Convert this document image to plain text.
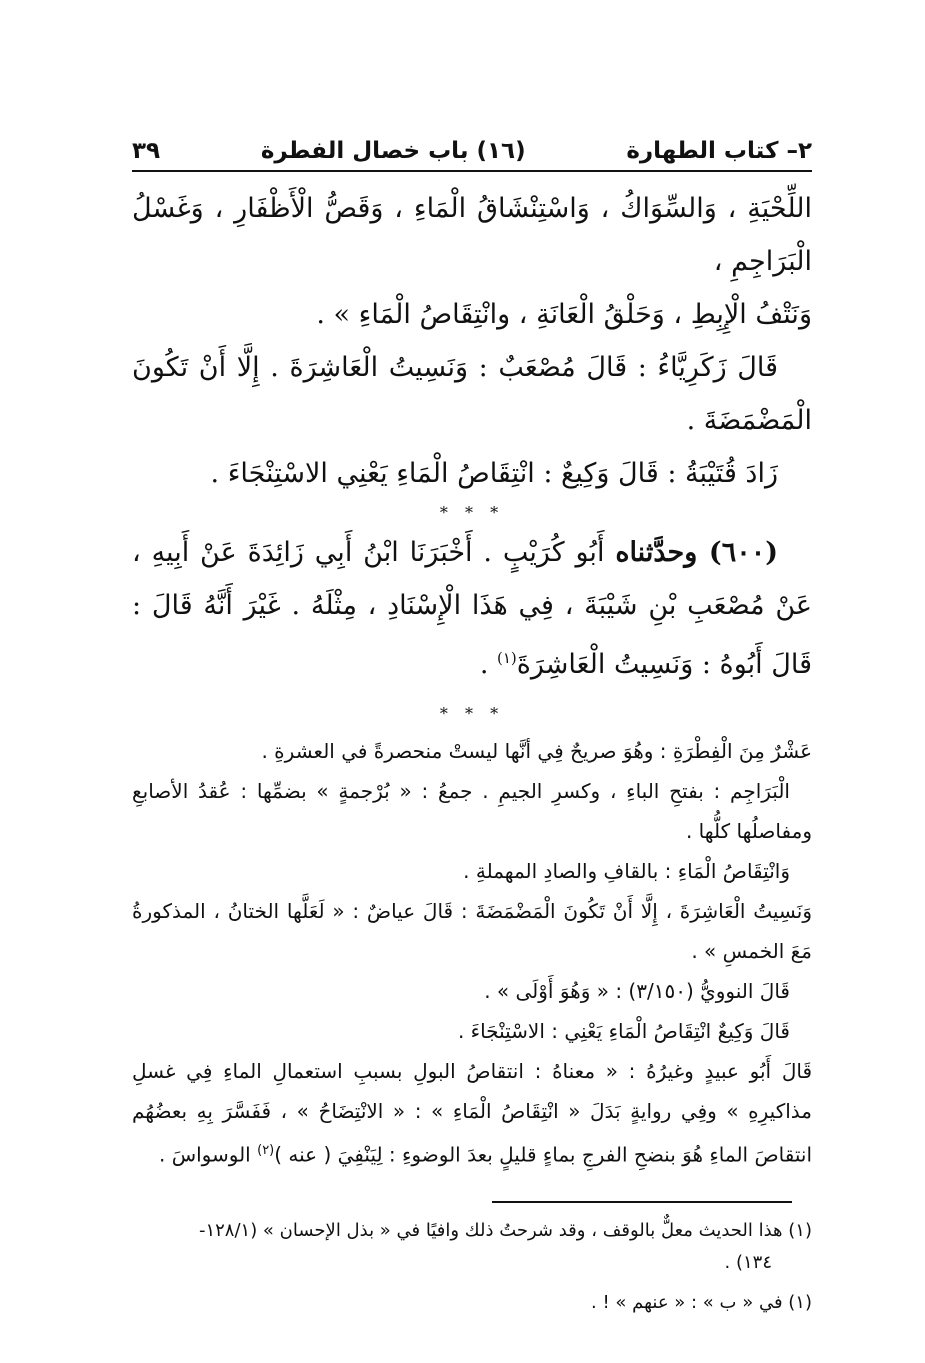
٢– كتاب الطهارة
(١٦) باب خصال الفطرة
٣٩

اللِّحْيَةِ ، وَالسِّوَاكُ ، وَاسْتِنْشَاقُ الْمَاءِ ، وَقَصُّ الْأَظْفَارِ ، وَغَسْلُ الْبَرَاجِمِ ،

وَنَتْفُ الْإِبِطِ ، وَحَلْقُ الْعَانَةِ ، وانْتِقَاصُ الْمَاءِ » .

قَالَ زَكَرِيَّاءُ : قَالَ مُصْعَبٌ : وَنَسِيتُ الْعَاشِرَةَ . إِلَّا أَنْ تَكُونَ الْمَضْمَضَةَ .

زَادَ قُتَيْبَةُ : قَالَ وَكِيعٌ : انْتِقَاصُ الْمَاءِ يَعْنِي الاسْتِنْجَاءَ .

* * *

(٦٠٠) وحدَّثناه أَبُو كُرَيْبٍ . أَخْبَرَنَا ابْنُ أَبِي زَائِدَةَ عَنْ أَبِيهِ ، عَنْ مُصْعَبِ بْنِ شَيْبَةَ ، فِي هَذَا الْإِسْنَادِ ، مِثْلَهُ . غَيْرَ أَنَّهُ قَالَ : قَالَ أَبُوهُ : وَنَسِيتُ الْعَاشِرَةَ$^{(١)}$ .

* * *

عَشْرٌ مِنَ الْفِطْرَةِ : وهُوَ صريحٌ فِي أنَّها ليستْ منحصرةً في العشرةِ .

الْبَرَاجِم : بفتحِ الباءِ ، وكسرِ الجيمِ . جمعُ : « بُرْجمةٍ » بضمِّها : عُقدُ الأصابعِ ومفاصلُها كلُّها .

وَانْتِقَاصُ الْمَاءِ : بالقافِ والصادِ المهملةِ .

وَنَسِيتُ الْعَاشِرَةَ ، إِلَّا أَنْ تَكُونَ الْمَضْمَضَةَ : قَالَ عياضٌ : « لَعَلَّها الختانُ ، المذكورةُ مَعَ الخمسِ » .

قَالَ النوويُّ (٣/١٥٠) : « وَهُوَ أَوْلَى » .

قَالَ وَكِيعٌ انْتِقَاصُ الْمَاءِ يَعْنِي : الاسْتِنْجَاءَ .

قَالَ أَبُو عبيدٍ وغيرُهُ : « معناهُ : انتقاصُ البولِ بسببِ استعمالِ الماءِ فِي غسلِ مذاكيرِهِ » وفِي روايةٍ بَدَلَ « انْتِقَاصُ الْمَاءِ » : « الانْتِضَاحُ » ، فَفَسَّرَ بِهِ بعضُهُم انتقاصَ الماءِ هُوَ بنضحِ الفرجِ بماءٍ قليلٍ بعدَ الوضوءِ : لِيَنْفِيَ ( عنه )$^{(٢)}$ الوسواسَ .

(١) هذا الحديث معلٌّ بالوقف ، وقد شرحتُ ذلك وافيًا في « بذل الإحسان » (١٢٨/١-

١٣٤) .

(١) في « ب » : « عنهم » ! .
